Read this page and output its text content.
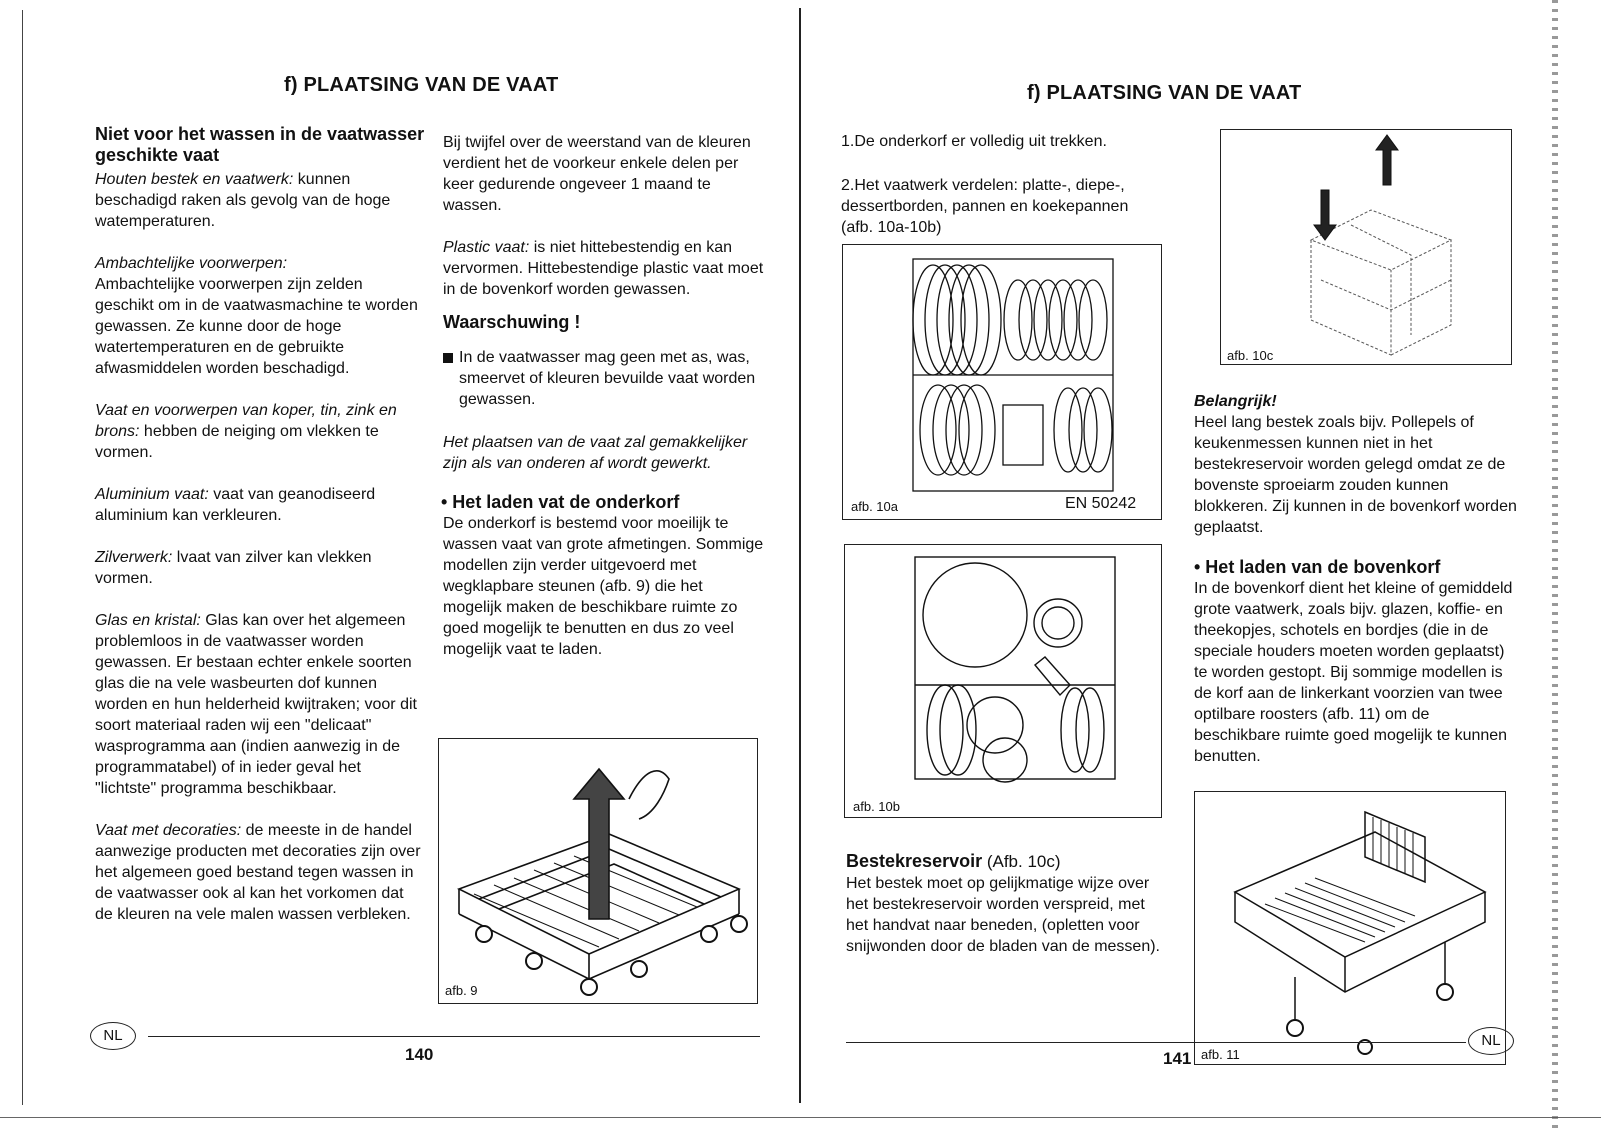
f) PLAATSING VAN DE VAAT
Niet voor het wassen in de vaatwasser geschikte vaat

Houten bestek en vaatwerk: kunnen beschadigd raken als gevolg van de hoge watemperaturen.

Ambachtelijke voorwerpen:
Ambachtelijke voorwerpen zijn zelden geschikt om in de vaatwasmachine te worden gewassen. Ze kunne door de hoge watertemperaturen en de gebruikte afwasmiddelen worden beschadigd.

Vaat en voorwerpen van koper, tin, zink en brons: hebben de neiging om vlekken te vormen.

Aluminium vaat: vaat van geanodiseerd aluminium kan verkleuren.

Zilverwerk: lvaat van zilver kan vlekken vormen.

Glas en kristal: Glas kan over het algemeen problemloos in de vaatwasser worden gewassen. Er bestaan echter enkele soorten glas die na vele wasbeurten dof kunnen worden en hun helderheid kwijtraken; voor dit soort materiaal raden wij een "delicaat" wasprogramma aan (indien aanwezig in de programmatabel) of in ieder geval het "lichtste" programma beschikbaar.

Vaat met decoraties: de meeste in de handel aanwezige producten met decoraties zijn over het algemeen goed bestand tegen wassen in de vaatwasser ook al kan het vorkomen dat de kleuren na vele malen wassen verbleken.

Bij twijfel over de weerstand van de kleuren verdient het de voorkeur enkele delen per keer gedurende ongeveer 1 maand te wassen.

Plastic vaat: is niet hittebestendig en kan vervormen. Hittebestendige plastic vaat moet in de bovenkorf worden gewassen.

Waarschuwing !
In de vaatwasser mag geen met as, was, smeervet of kleuren bevuilde vaat worden gewassen.
Het plaatsen van de vaat zal gemakkelijker zijn als van onderen af wordt gewerkt.
• Het laden vat de onderkorf
De onderkorf is bestemd voor moeilijk te wassen vaat van grote afmetingen. Sommige modellen zijn verder uitgevoerd met wegklapbare steunen (afb. 9) die het mogelijk maken de beschikbare ruimte zo goed mogelijk te benutten en dus zo veel mogelijk vaat te laden.
afb. 9
NL
140
f) PLAATSING VAN DE VAAT
1.De onderkorf er volledig uit trekken.
2.Het vaatwerk verdelen: platte-, diepe-, dessertborden, pannen en koekepannen (afb. 10a-10b)
afb. 10a	EN 50242
afb. 10b
Bestekreservoir (Afb. 10c)
Het bestek moet op gelijkmatige wijze over het bestekreservoir worden verspreid, met het handvat naar beneden, (opletten voor snijwonden door de bladen van de messen).
afb. 10c
Belangrijk!
Heel lang bestek zoals bijv. Pollepels of keukenmessen kunnen niet in het bestekreservoir worden gelegd omdat ze de bovenste sproeiarm zouden kunnen blokkeren. Zij kunnen in de bovenkorf worden geplaatst.
• Het laden van de bovenkorf
In de bovenkorf dient het kleine of gemiddeld grote vaatwerk, zoals bijv. glazen, koffie- en theekopjes, schotels en bordjes (die in de speciale houders moeten worden geplaatst) te worden gestopt. Bij sommige modellen is de korf aan de linkerkant voorzien van twee optilbare roosters (afb. 11) om de beschikbare ruimte goed mogelijk te kunnen benutten.
afb. 11
NL
141
